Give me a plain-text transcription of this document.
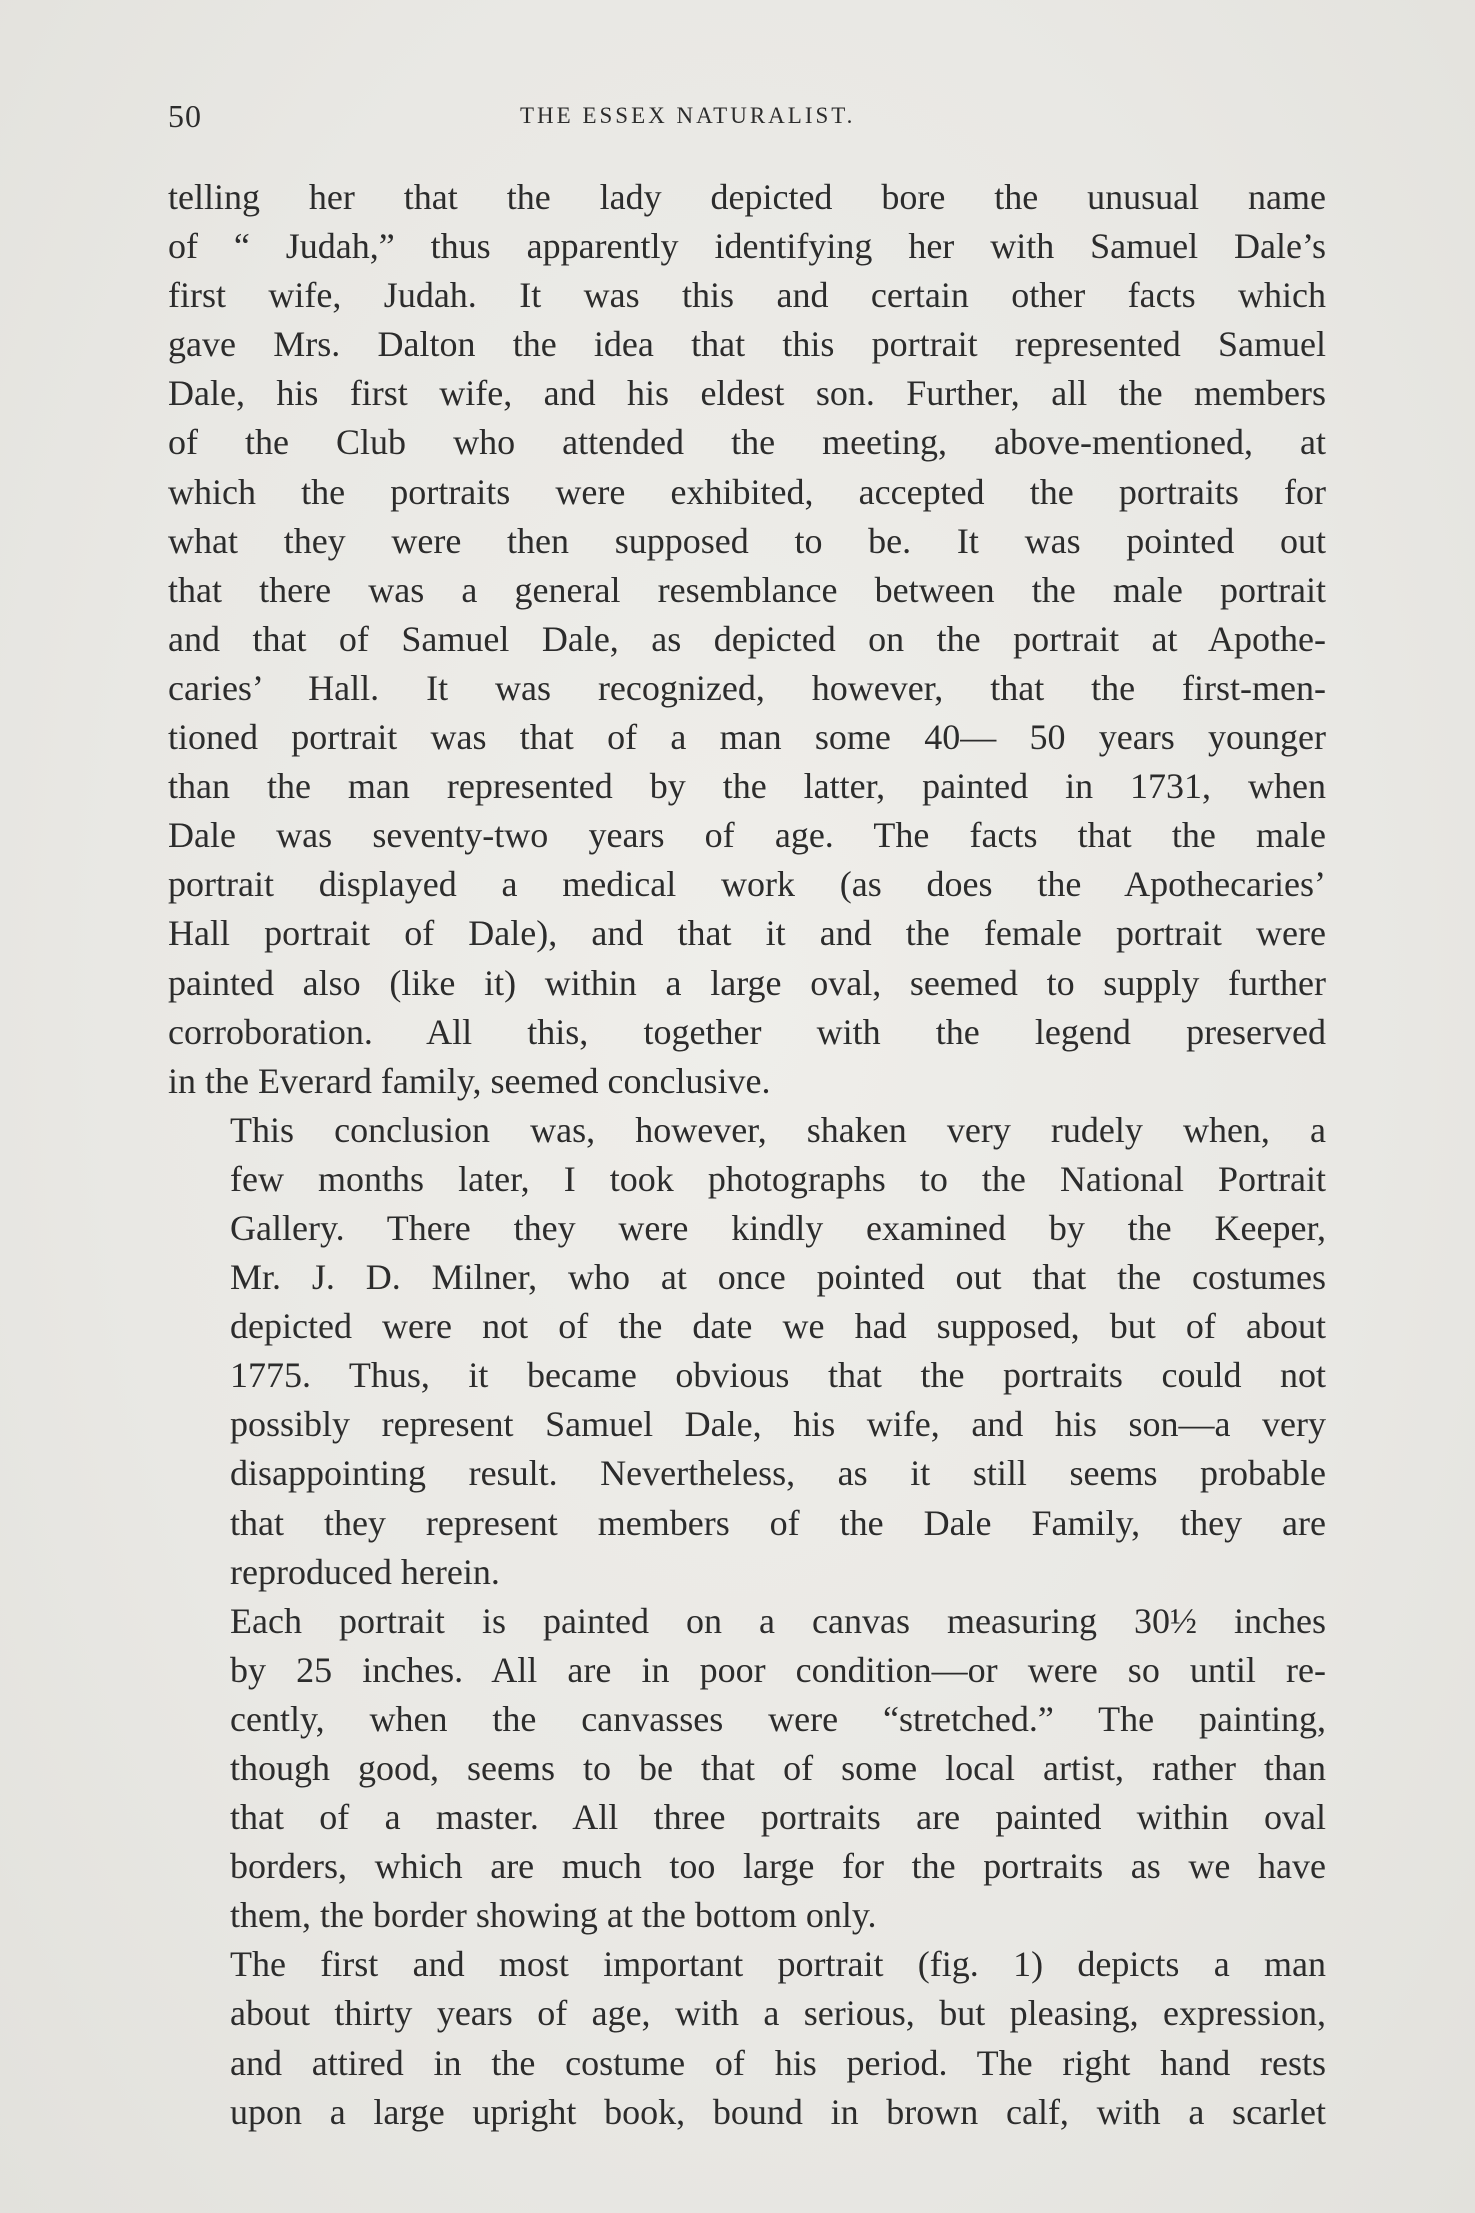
50	THE ESSEX NATURALIST.

telling her that the lady depicted bore the unusual name
of “ Judah,” thus apparently identifying her with Samuel Dale’s
first wife, Judah. It was this and certain other facts which
gave Mrs. Dalton the idea that this portrait represented Samuel
Dale, his first wife, and his eldest son. Further, all the members
of the Club who attended the meeting, above-mentioned, at
which the portraits were exhibited, accepted the portraits for
what they were then supposed to be. It was pointed out
that there was a general resemblance between the male portrait
and that of Samuel Dale, as depicted on the portrait at Apothe-
caries’ Hall. It was recognized, however, that the first-men-
tioned portrait was that of a man some 40— 50 years younger
than the man represented by the latter, painted in 1731, when
Dale was seventy-two years of age. The facts that the male
portrait displayed a medical work (as does the Apothecaries’
Hall portrait of Dale), and that it and the female portrait were
painted also (like it) within a large oval, seemed to supply further
corroboration. All this, together with the legend preserved
in the Everard family, seemed conclusive.

This conclusion was, however, shaken very rudely when, a
few months later, I took photographs to the National Portrait
Gallery. There they were kindly examined by the Keeper,
Mr. J. D. Milner, who at once pointed out that the costumes
depicted were not of the date we had supposed, but of about
1775. Thus, it became obvious that the portraits could not
possibly represent Samuel Dale, his wife, and his son—a very
disappointing result. Nevertheless, as it still seems probable
that they represent members of the Dale Family, they are
reproduced herein.

Each portrait is painted on a canvas measuring 30½ inches
by 25 inches. All are in poor condition—or were so until re-
cently, when the canvasses were “stretched.” The painting,
though good, seems to be that of some local artist, rather than
that of a master. All three portraits are painted within oval
borders, which are much too large for the portraits as we have
them, the border showing at the bottom only.

The first and most important portrait (fig. 1) depicts a man
about thirty years of age, with a serious, but pleasing, expression,
and attired in the costume of his period. The right hand rests
upon a large upright book, bound in brown calf, with a scarlet
